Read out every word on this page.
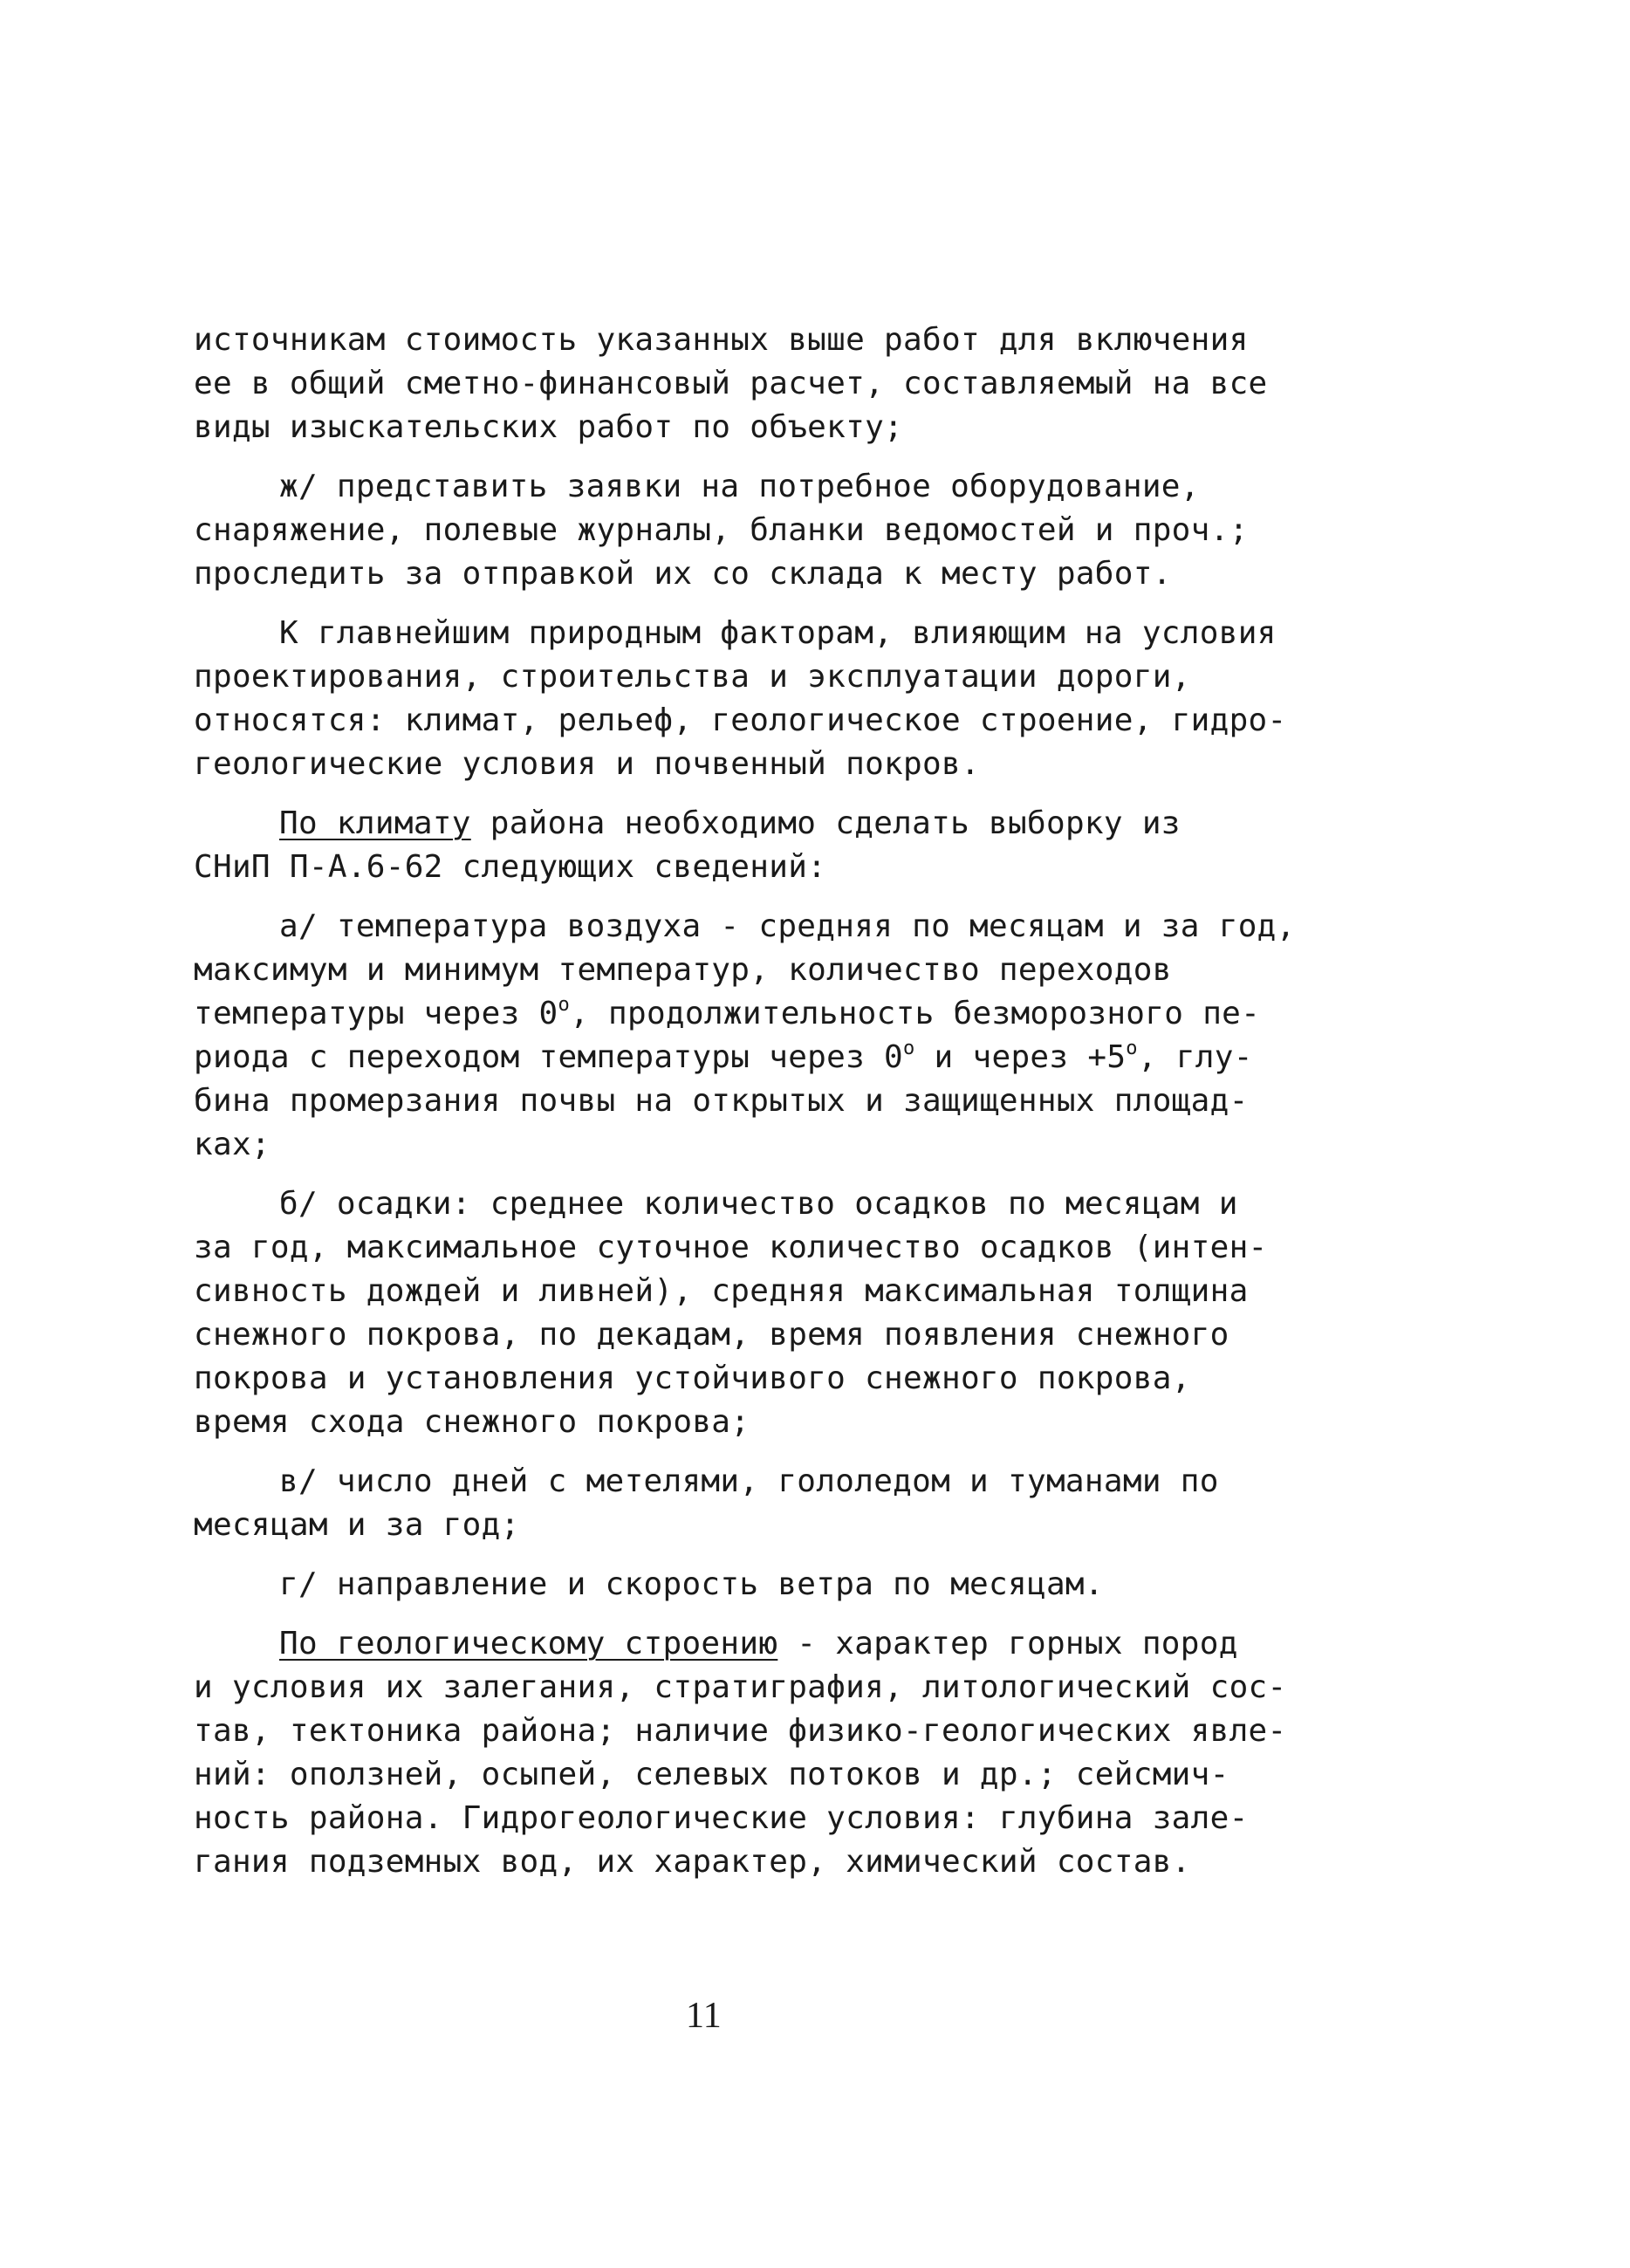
источникам стоимость указанных выше работ для включения
ее в общий сметно-финансовый расчет, составляемый на все
виды изыскательских работ по объекту;
ж/ представить заявки на потребное оборудование,
снаряжение, полевые журналы, бланки ведомостей и проч.;
проследить за отправкой их со склада к месту работ.
К главнейшим природным факторам, влияющим на условия
проектирования, строительства и эксплуатации дороги,
относятся: климат, рельеф, геологическое строение, гидро-
геологические условия и почвенный покров.
По климату района необходимо сделать выборку из
СНиП П-А.6-62 следующих сведений:
а/ температура воздуха - средняя по месяцам и за год,
максимум и минимум температур, количество переходов
температуры через 0$^o$, продолжительность безморозного пе-
риода с переходом температуры через 0$^o$ и через $+5^o$, глу-
бина промерзания почвы на открытых и защищенных площад-
ках;
б/ осадки: среднее количество осадков по месяцам и
за год, максимальное суточное количество осадков (интен-
сивность дождей и ливней), средняя максимальная толщина
снежного покрова, по декадам, время появления снежного
покрова и установления устойчивого снежного покрова,
время схода снежного покрова;
в/ число дней с метелями, гололедом и туманами по
месяцам и за год;
г/ направление и скорость ветра по месяцам.
По геологическому строению - характер горных пород
и условия их залегания, стратиграфия, литологический сос-
тав, тектоника района; наличие физико-геологических явле-
ний: оползней, осыпей, селевых потоков и др.; сейсмич-
ность района. Гидрогеологические условия: глубина зале-
гания подземных вод, их характер, химический состав.
11
